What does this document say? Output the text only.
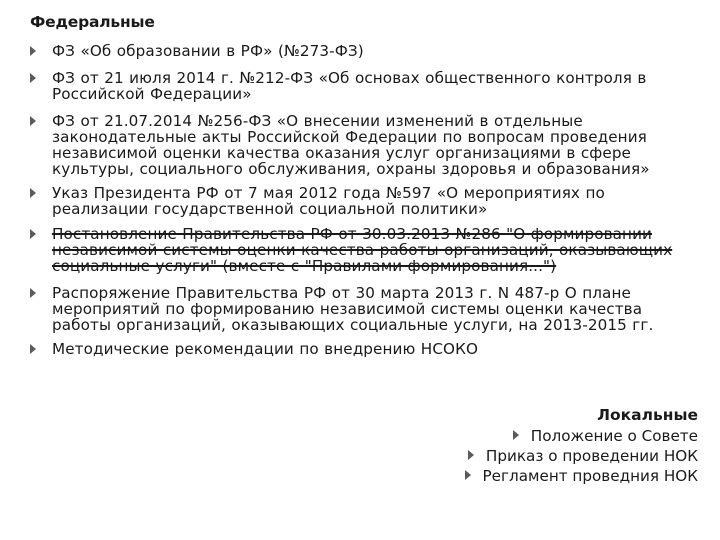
Федеральные
ФЗ «Об образовании в РФ» (№273-ФЗ)
ФЗ от 21 июля 2014 г. №212-ФЗ «Об основах общественного контроля в
Российской Федерации»
ФЗ от 21.07.2014 №256-ФЗ «О внесении изменений в отдельные
законодательные акты Российской Федерации по вопросам проведения
независимой оценки качества оказания услуг организациями в сфере
культуры, социального обслуживания, охраны здоровья и образования»
Указ Президента РФ от 7 мая 2012 года №597 «О мероприятиях по
реализации государственной социальной политики»
Постановление Правительства РФ от 30.03.2013 №286 "О формировании
независимой системы оценки качества работы организаций, оказывающих
социальные услуги" (вместе с "Правилами формирования...")
Распоряжение Правительства РФ от 30 марта 2013 г. N 487-р О плане
мероприятий по формированию независимой системы оценки качества
работы организаций, оказывающих социальные услуги, на 2013-2015 гг.
Методические рекомендации по внедрению НСОКО
Локальные
Положение о Совете
Приказ о проведении НОК
Регламент проведния НОК
